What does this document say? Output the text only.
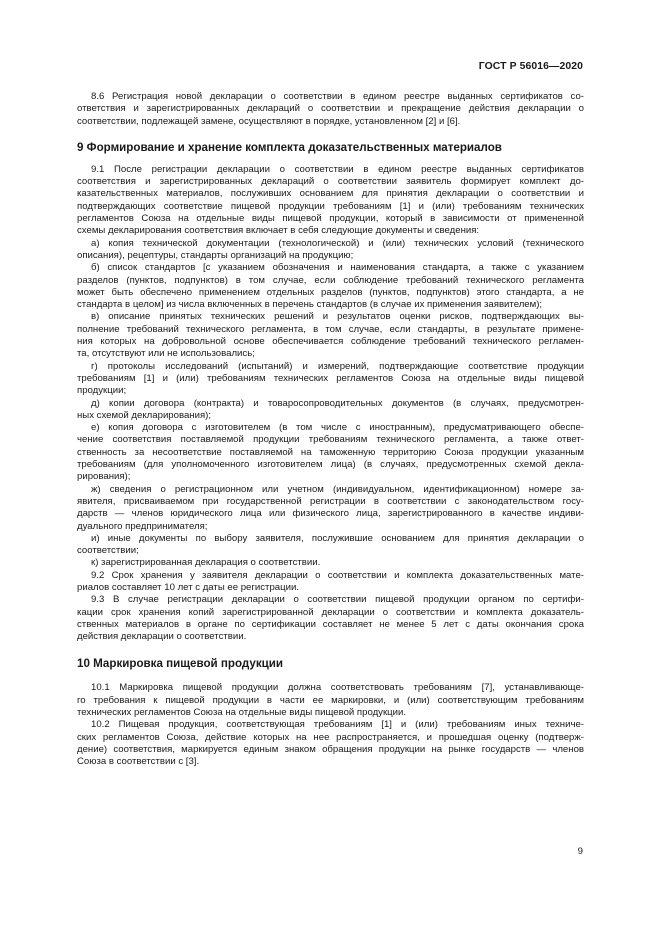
ГОСТ Р 56016—2020
8.6 Регистрация новой декларации о соответствии в едином реестре выданных сертификатов со-
ответствия и зарегистрированных деклараций о соответствии и прекращение действия декларации о
соответствии, подлежащей замене, осуществляют в порядке, установленном [2] и [6].
9 Формирование и хранение комплекта доказательственных материалов
9.1 После регистрации декларации о соответствии в едином реестре выданных сертификатов
соответствия и зарегистрированных деклараций о соответствии заявитель формирует комплект до-
казательственных материалов, послуживших основанием для принятия декларации о соответствии и
подтверждающих соответствие пищевой продукции требованиям [1] и (или) требованиям технических
регламентов Союза на отдельные виды пищевой продукции, который в зависимости от примененной
схемы декларирования соответствия включает в себя следующие документы и сведения:
а) копия технической документации (технологической) и (или) технических условий (технического
описания), рецептуры, стандарты организаций на продукцию;
б) список стандартов [с указанием обозначения и наименования стандарта, а также с указанием
разделов (пунктов, подпунктов) в том случае, если соблюдение требований технического регламента
может быть обеспечено применением отдельных разделов (пунктов, подпунктов) этого стандарта, а не
стандарта в целом] из числа включенных в перечень стандартов (в случае их применения заявителем);
в) описание принятых технических решений и результатов оценки рисков, подтверждающих вы-
полнение требований технического регламента, в том случае, если стандарты, в результате примене-
ния которых на добровольной основе обеспечивается соблюдение требований технического регламен-
та, отсутствуют или не использовались;
г) протоколы исследований (испытаний) и измерений, подтверждающие соответствие продукции
требованиям [1] и (или) требованиям технических регламентов Союза на отдельные виды пищевой
продукции;
д) копии договора (контракта) и товаросопроводительных документов (в случаях, предусмотрен-
ных схемой декларирования);
е) копия договора с изготовителем (в том числе с иностранным), предусматривающего обеспе-
чение соответствия поставляемой продукции требованиям технического регламента, а также ответ-
ственность за несоответствие поставляемой на таможенную территорию Союза продукции указанным
требованиям (для уполномоченного изготовителем лица) (в случаях, предусмотренных схемой декла-
рирования);
ж) сведения о регистрационном или учетном (индивидуальном, идентификационном) номере за-
явителя, присваиваемом при государственной регистрации в соответствии с законодательством госу-
дарств — членов юридического лица или физического лица, зарегистрированного в качестве индиви-
дуального предпринимателя;
и) иные документы по выбору заявителя, послужившие основанием для принятия декларации о
соответствии;
к) зарегистрированная декларация о соответствии.
9.2 Срок хранения у заявителя декларации о соответствии и комплекта доказательственных мате-
риалов составляет 10 лет с даты ее регистрации.
9.3 В случае регистрации декларации о соответствии пищевой продукции органом по сертифи-
кации срок хранения копий зарегистрированной декларации о соответствии и комплекта доказатель-
ственных материалов в органе по сертификации составляет не менее 5 лет с даты окончания срока
действия декларации о соответствии.
10 Маркировка пищевой продукции
10.1 Маркировка пищевой продукции должна соответствовать требованиям [7], устанавливающе-
го требования к пищевой продукции в части ее маркировки, и (или) соответствующим требованиям
технических регламентов Союза на отдельные виды пищевой продукции.
10.2 Пищевая продукция, соответствующая требованиям [1] и (или) требованиям иных техниче-
ских регламентов Союза, действие которых на нее распространяется, и прошедшая оценку (подтверж-
дение) соответствия, маркируется единым знаком обращения продукции на рынке государств — членов
Союза в соответствии с [3].
9
